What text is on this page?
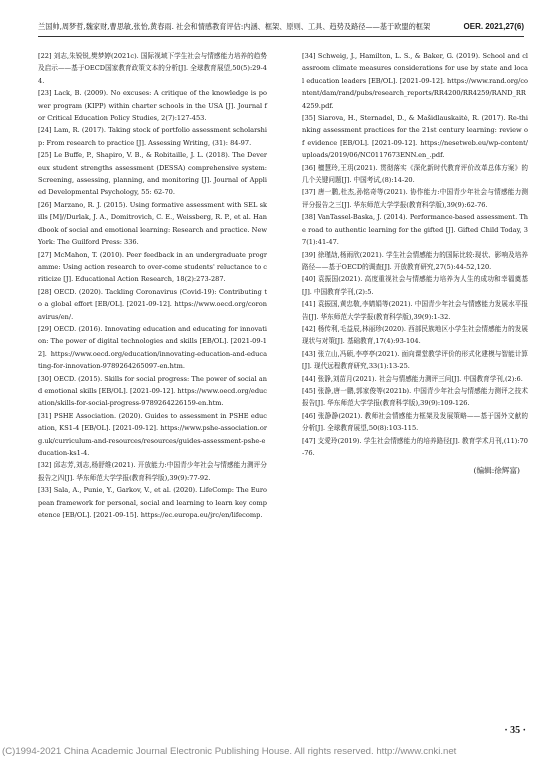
兰国帅,周梦哲,魏家财,曹思敏,张怡,黄春雨. 社会和情感教育评估:内涵、框架、原则、工具、趋势及路径——基于欧盟的框架	OER. 2021,27(6)

[22] 刘志,朱锐锐,樊梦婷(2021c). 国际视域下学生社会与情感能力培养的趋势及启示——基于OECD国家教育政策文本的分析[J]. 全球教育展望,50(5):29-44.

[23] Lack, B. (2009). No excuses: A critique of the knowledge is power program (KIPP) within charter schools in the USA [J]. Journal for Critical Education Policy Studies, 2(7):127-453.

[24] Lam, R. (2017). Taking stock of portfolio assessment scholarship: From research to practice [J]. Assessing Writing, (31): 84-97.

[25] Le Buffe, P., Shapiro, V. B., & Robitaille, J. L. (2018). The Devereux student strengths assessment (DESSA) comprehensive system: Screening, assessing, planning, and monitoring [J]. Journal of Applied Developmental Psychology, 55: 62-70.

[26] Marzano, R. J. (2015). Using formative assessment with SEL skills [M]//Durlak, J. A., Domitrovich, C. E., Weissberg, R. P., et al. Handbook of social and emotional learning: Research and practice. New York: The Guilford Press: 336.

[27] McMahon, T. (2010). Peer feedback in an undergraduate programme: Using action research to over-come students' reluctance to criticize [J]. Educational Action Research, 18(2):273-287.

[28] OECD. (2020). Tackling Coronavirus (Covid-19): Contributing to a global effort [EB/OL]. [2021-09-12]. https://www.oecd.org/coronavirus/en/.

[29] OECD. (2016). Innovating education and educating for innovation: The power of digital technologies and skills [EB/OL]. [2021-09-12]. https://www.oecd.org/education/innovating-education-and-educating-for-innovation-9789264265097-en.htm.

[30] OECD. (2015). Skills for social progress: The power of social and emotional skills [EB/OL]. [2021-09-12]. https://www.oecd.org/education/skills-for-social-progress-9789264226159-en.htm.

[31] PSHE Association. (2020). Guides to assessment in PSHE education, KS1-4 [EB/OL]. [2021-09-12]. https://www.pshe-association.org.uk/curriculum-and-resources/resources/guides-assessment-pshe-education-ks1-4.

[32] 邱志芳,刘志,杨舒维(2021). 开放能力:中国青少年社会与情感能力测评分报告之四[J]. 华东师范大学学报(教育科学版),39(9):77-92.

[33] Sala, A., Punie, Y., Garkov, V., et al. (2020). LifeComp: The European framework for personal, social and learning to learn key competence [EB/OL]. [2021-09-15]. https://ec.europa.eu/jrc/en/lifecomp.

[34] Schweig, J., Hamilton, L. S., & Baker, G. (2019). School and classroom climate measures considerations for use by state and local education leaders [EB/OL]. [2021-09-12]. https://www.rand.org/content/dam/rand/pubs/research_reports/RR4200/RR4259/RAND_RR4259.pdf.

[35] Siarova, H., Sternadel, D., & Mašidlauskaitė, R. (2017). Re-thinking assessment practices for the 21st century learning: review of evidence [EB/OL]. [2021-09-12]. https://nesetweb.eu/wp-content/uploads/2019/06/NC0117673ENN.en_.pdf.

[36] 檀慧玲,王玥(2021). 贯彻落实《深化新时代教育评价改革总体方案》的几个关键问题[J]. 中国考试,(8):14-20.

[37] 唐一鹏,杜杰,孙铭奇等(2021). 协作能力:中国青少年社会与情感能力测评分报告之三[J]. 华东师范大学学报(教育科学版),39(9):62-76.

[38] VanTassel-Baska, J. (2014). Performance-based assessment. The road to authentic learning for the gifted [J]. Gifted Child Today, 37(1):41-47.

[39] 徐瑾劼,杨雨欣(2021). 学生社会情感能力的国际比较:现状、影响及培养路径——基于OECD的调查[J]. 开放教育研究,27(5):44-52,120.

[40] 袁振国(2021). 高度重视社会与情感能力培养为人生的成功和幸福奠基[J]. 中国教育学刊,(2):5.

[41] 袁振国,黄忠敬,李婧娟等(2021). 中国青少年社会与情感能力发展水平报告[J]. 华东师范大学学报(教育科学版),39(9):1-32.

[42] 杨传利,毛益辰,林丽珍(2020). 西部民族地区小学生社会情感能力的发展现状与对策[J]. 基础教育,17(4):93-104.

[43] 张立山,冯硕,李亭亭(2021). 面向课堂教学评价的形式化建模与智能计算[J]. 现代远程教育研究,33(1):13-25.

[44] 张静,刘苗月(2021). 社会与情感能力测评三问[J]. 中国教育学刊,(2):6.

[45] 张静,唐一鹏,郭家俊等(2021b). 中国青少年社会与情感能力测评之技术报告[J]. 华东师范大学学报(教育科学版),39(9):109-126.

[46] 张静静(2021). 教师社会情感能力框架及发展策略——基于国外文献的分析[J]. 全球教育展望,50(8):103-115.

[47] 支愛玲(2019). 学生社会情感能力的培养路径[J]. 教育学术月刊,(11):70-76.

(编辑:徐辉富)
· 35 ·
(C)1994-2021 China Academic Journal Electronic Publishing House. All rights reserved. http://www.cnki.net
